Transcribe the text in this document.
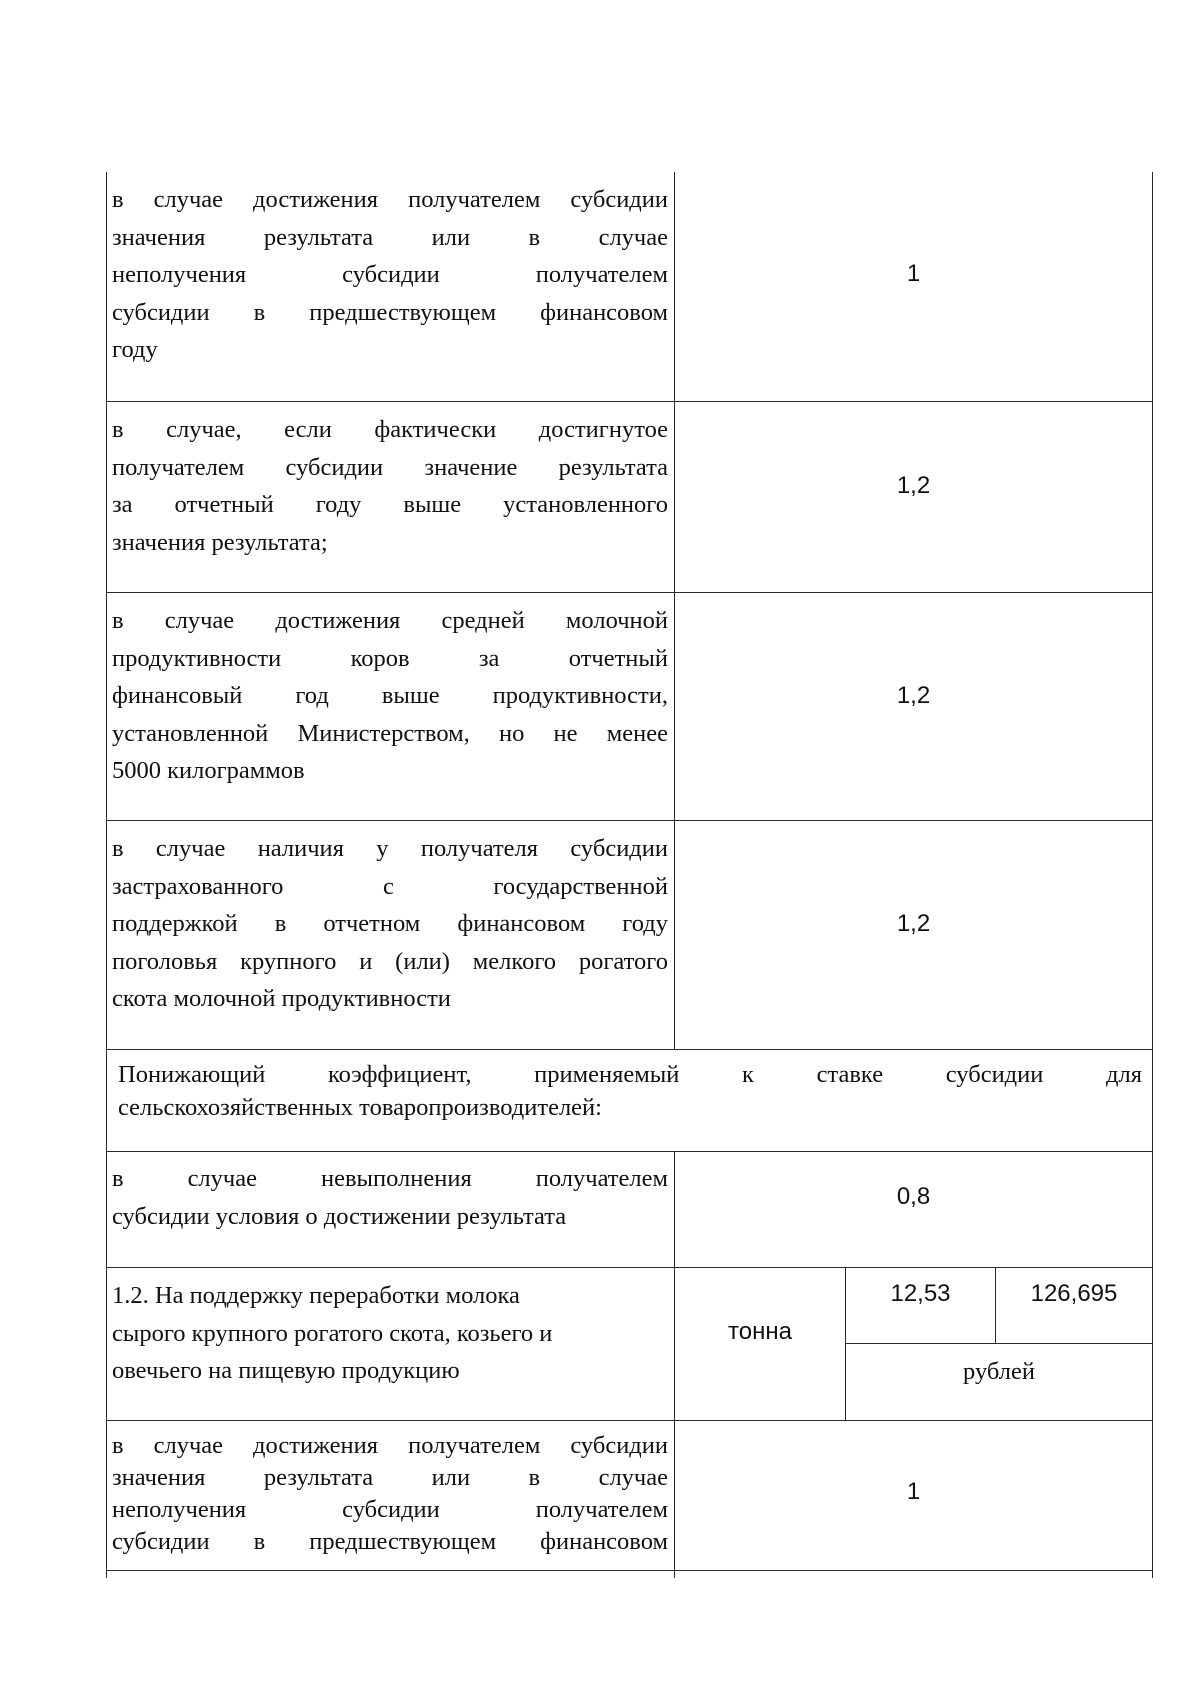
в случае достижения получателем субсидии
значения результата или в случае
неполучения субсидии получателем
субсидии в предшествующем финансовом
году
1
в случае, если фактически достигнутое
получателем субсидии значение результата
за отчетный году выше установленного
значения результата;
1,2
в случае достижения средней молочной
продуктивности коров за отчетный
финансовый год выше продуктивности,
установленной Министерством, но не менее
5000 килограммов
1,2
в случае наличия у получателя субсидии
застрахованного с государственной
поддержкой в отчетном финансовом году
поголовья крупного и (или) мелкого рогатого
скота молочной продуктивности
1,2
Понижающий коэффициент, применяемый к ставке субсидии для
сельскохозяйственных товаропроизводителей:
в случае невыполнения получателем
субсидии условия о достижении результата
0,8
1.2. На поддержку переработки молока
сырого крупного рогатого скота, козьего и
овечьего на пищевую продукцию
тонна
12,53	126,695
рублей
в случае достижения получателем субсидии
значения результата или в случае
неполучения субсидии получателем
субсидии в предшествующем финансовом
1
